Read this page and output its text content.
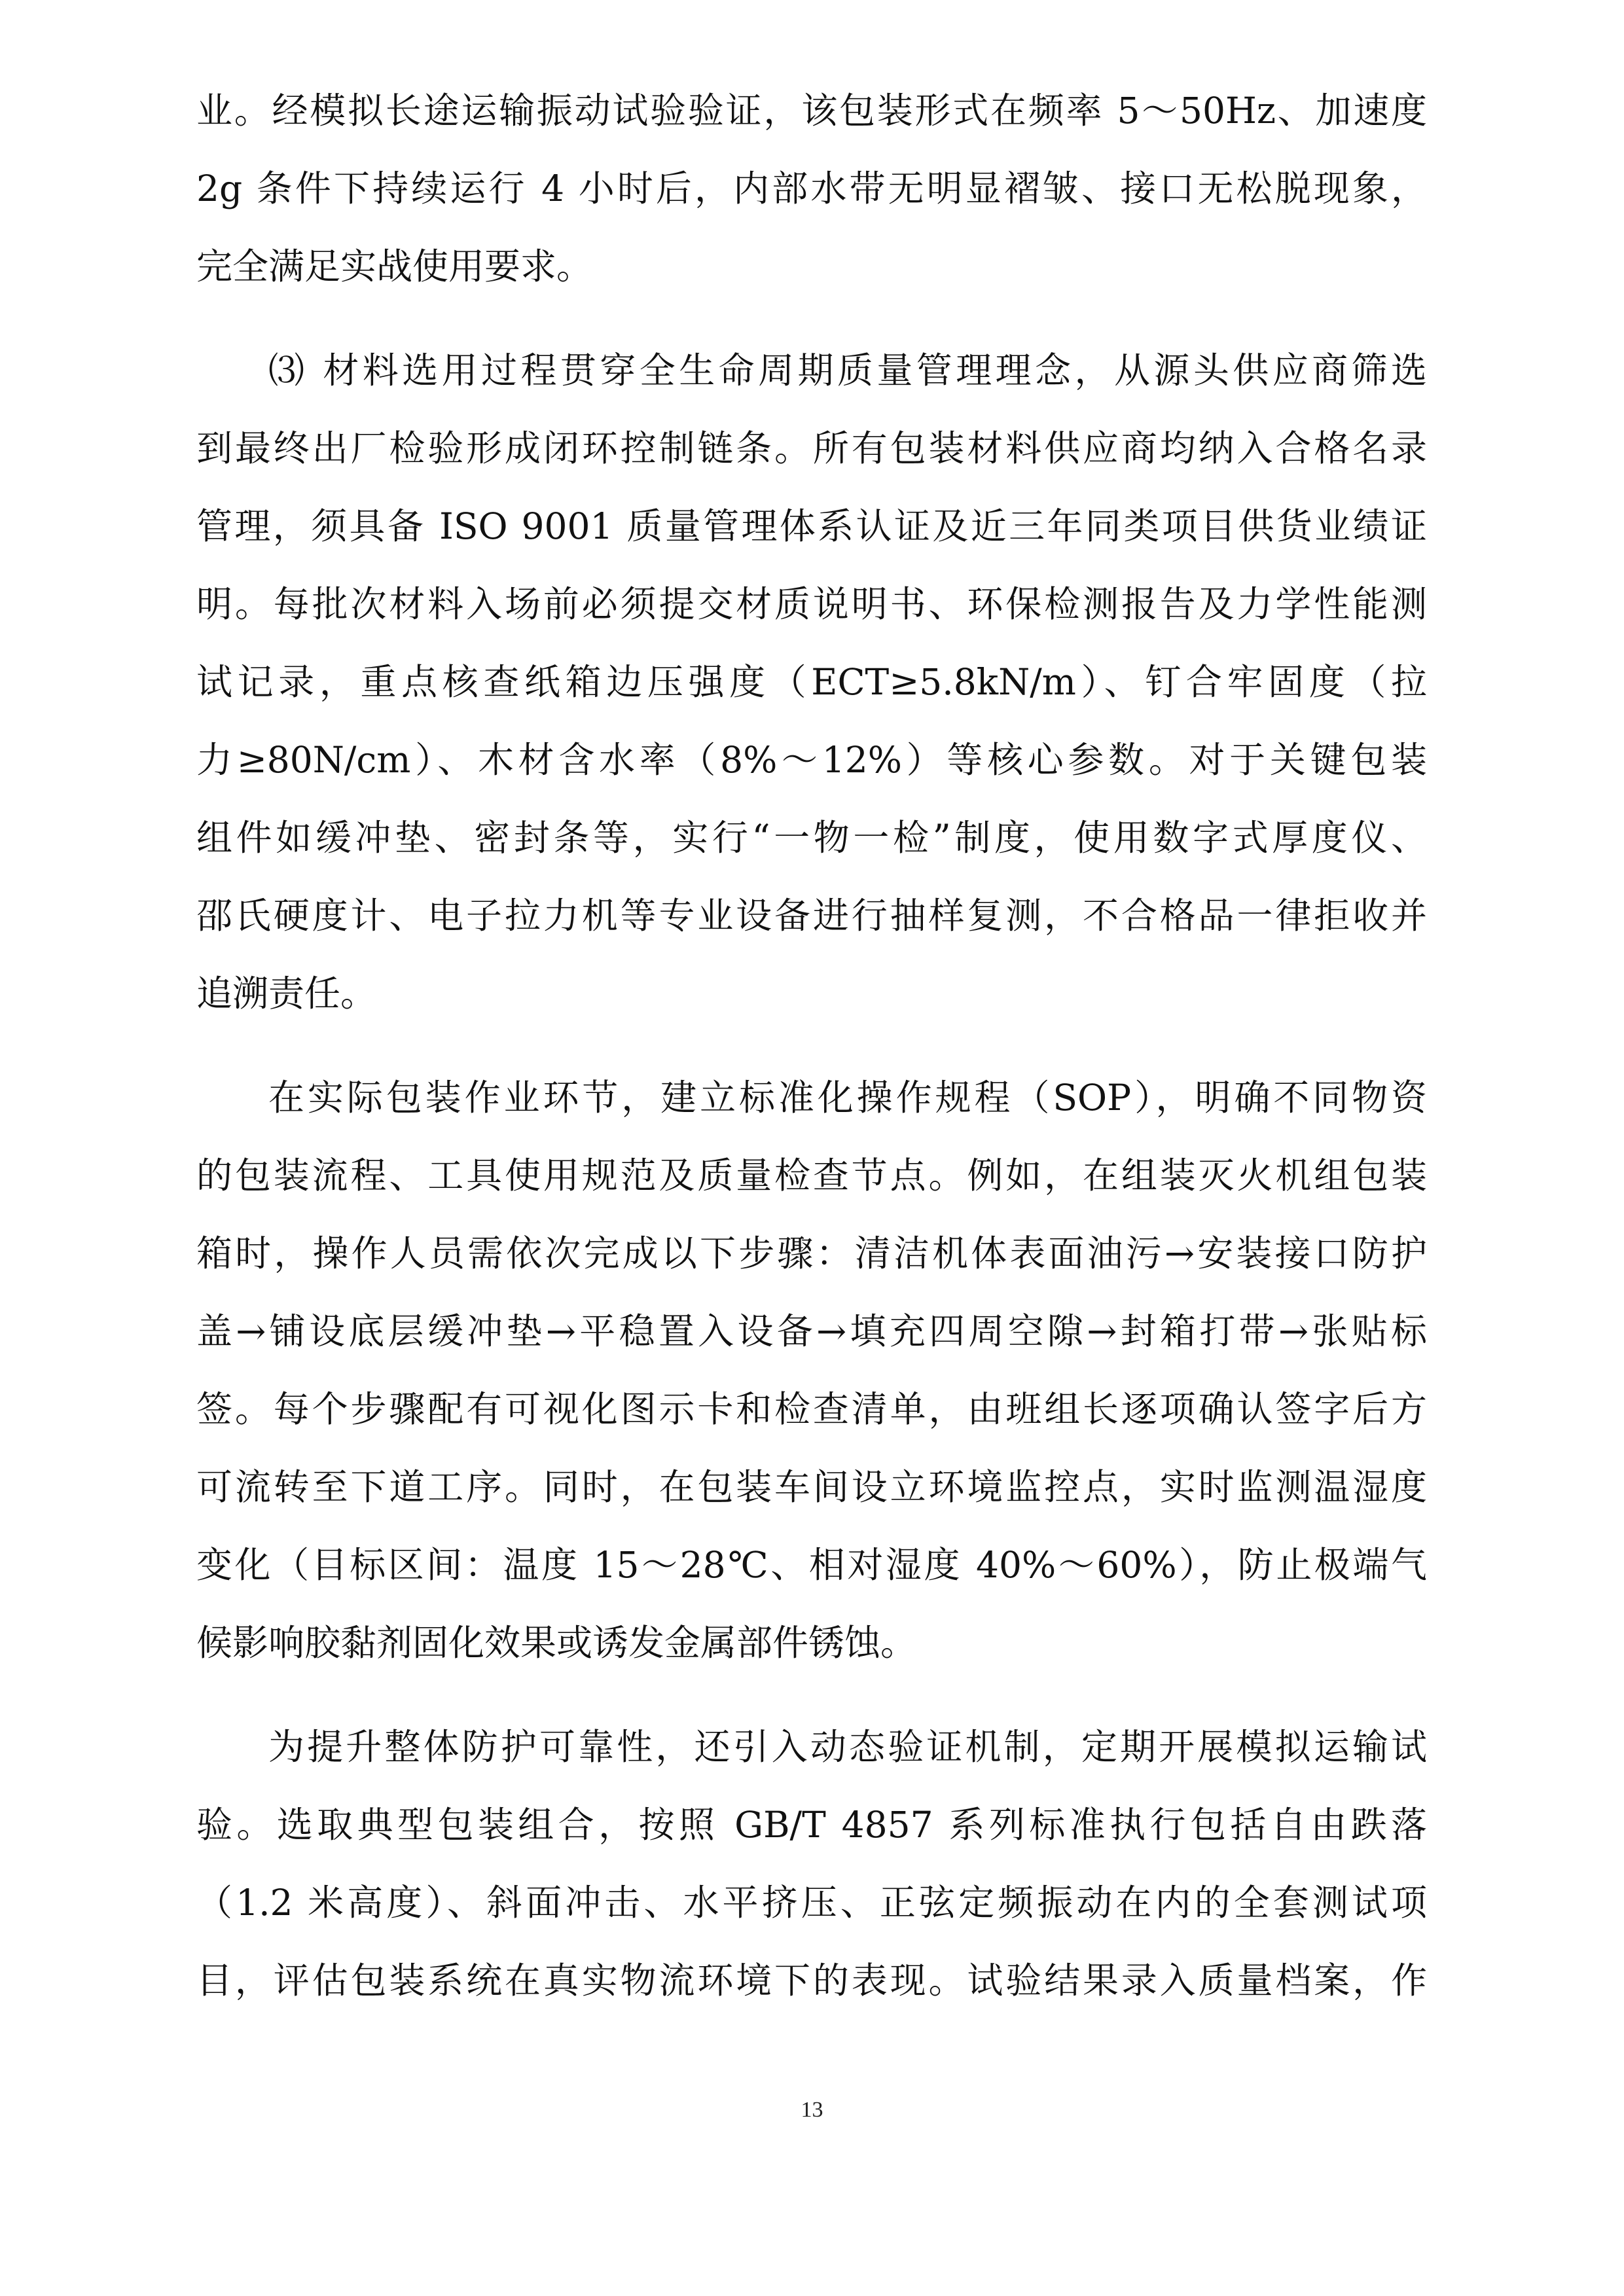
业。经模拟长途运输振动试验验证，该包装形式在频率 5～50Hz、加速度
2g 条件下持续运行 4 小时后，内部水带无明显褶皱、接口无松脱现象，
完全满足实战使用要求。
⑶ 材料选用过程贯穿全生命周期质量管理理念，从源头供应商筛选
到最终出厂检验形成闭环控制链条。所有包装材料供应商均纳入合格名录
管理，须具备 ISO 9001 质量管理体系认证及近三年同类项目供货业绩证
明。每批次材料入场前必须提交材质说明书、环保检测报告及力学性能测
试记录，重点核查纸箱边压强度（ECT≥5.8kN/m）、钉合牢固度（拉
力≥80N/cm）、木材含水率（8%～12%）等核心参数。对于关键包装
组件如缓冲垫、密封条等，实行“一物一检”制度，使用数字式厚度仪、
邵氏硬度计、电子拉力机等专业设备进行抽样复测，不合格品一律拒收并
追溯责任。
在实际包装作业环节，建立标准化操作规程（SOP），明确不同物资
的包装流程、工具使用规范及质量检查节点。例如，在组装灭火机组包装
箱时，操作人员需依次完成以下步骤：清洁机体表面油污→安装接口防护
盖→铺设底层缓冲垫→平稳置入设备→填充四周空隙→封箱打带→张贴标
签。每个步骤配有可视化图示卡和检查清单，由班组长逐项确认签字后方
可流转至下道工序。同时，在包装车间设立环境监控点，实时监测温湿度
变化（目标区间：温度 15～28℃、相对湿度 40%～60%），防止极端气
候影响胶黏剂固化效果或诱发金属部件锈蚀。
为提升整体防护可靠性，还引入动态验证机制，定期开展模拟运输试
验。选取典型包装组合，按照 GB/T 4857 系列标准执行包括自由跌落
（1.2 米高度）、斜面冲击、水平挤压、正弦定频振动在内的全套测试项
目，评估包装系统在真实物流环境下的表现。试验结果录入质量档案，作
13
